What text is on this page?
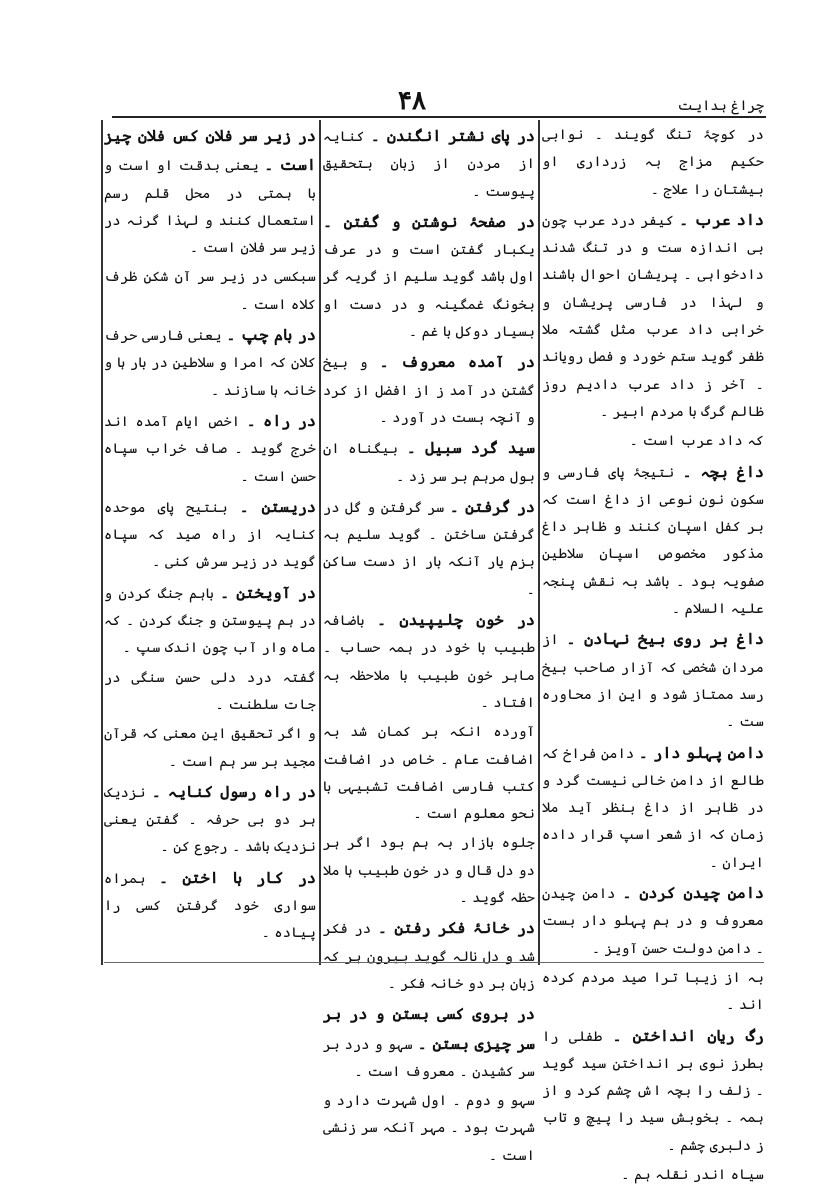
۴۸	چراغ ہدایت

در کوچۂ تنگ گویند ۔ نوابی حکیم مزاج بہ زرداری او بیشتان را علاج ۔

داد عرب ۔ کیفر درد عرب چون بی اندازہ ست و در تنگ شدند دادخواہی ۔ پریشان احوال باشند و لہذا در فارسی پریشان و خرابی داد عرب مثل گشتہ ملا ظفر گوید ستم خورد و فصل رویاند ۔ آخر ز داد عرب دادیم روز ظالم گرگ با مردم ابیر ۔

کہ داد عرب است ۔

داغ بچہ ۔ نتیجۂ پای فارسی و سکون نون نوعی از داغ است کہ بر کفل اسپان کنند و ظاہر داغ مذکور مخصوص اسپان سلاطین صفویہ بود ۔ باشد بہ نقش پنجہ علیہ السلام ۔

داغ بر روی بیخ نہادن ۔ از مردان شخصی کہ آزار صاحب بیخ رسد ممتاز شود و این از محاورہ ست ۔

دامن پہلو دار ۔ دامن فراخ کہ طالع از دامن خالی نیست گرد و در ظاہر از داغ بنظر آید ملا زمان کہ از شعر اسپ قرار داده ایران ۔

دامن چیدن کردن ۔ دامن چیدن معروف و در ہم پہلو دار بست ۔ دامن دولت حسن آویز ۔

بہ از زیبا ترا صید مردم کردہ اند ۔

رگ ریان انداختن ۔ طفلی را بطرز نوی بر انداختن سید گوید ۔ زلف را بچہ اش چشم کرد و از ہمہ ۔ بخوبش سید را پیچ و تاب ز دلبری چشم ۔

سیاہ اندر نقلہ ہم ۔

در پای نشتر انگندن ۔ کنایہ از مردن از زبان بتحقیق پیوست ۔

در صفحۂ نوشتن و گفتن ۔ یکبار گفتن است و در عرف اول باشد گوید سلیم از گریہ گر بخونگ غمگینہ و در دست او بسیار دوکل با غم ۔

در آمدہ معروف ۔ و بیخ گشتن در آمد ز از افضل از کرد و آنچہ بست در آورد ۔

سید گرد سبیل ۔ بیگناہ ان بول مرہم بر سر زد ۔

در گرفتن ۔ سر گرفتن و گل در گرفتن ساختن ۔ گوید سلیم بہ بزم یار آنکہ بار از دست ساکن ۔

در خون چلیپیدن ۔ باضافہ طبیب با خود در ہمہ حساب ۔ ماہر خون طبیب با ملاحظہ بہ افتاد ۔

آوردہ انکہ بر کمان شد بہ اضافت عام ۔ خاص در اضافت کتب فارسی اضافت تشبیہی با نحو معلوم است ۔

جلوہ بازار بہ ہم بود اگر ہر دو دل قال و در خون طبیب ہا ملا حظہ گوید ۔

در خانۂ فکر رفتن ۔ در فکر شد و دل نالہ گوید بیرون ہر کہ زبان بر دو خانہ فکر ۔

در بروی کسی بستن و در بر سر چیزی بستن ۔ سہو و درد بر سر کشیدن ۔ معروف است ۔

سہو و دوم ۔ اول شہرت دارد و شہرت بود ۔ مہر آنکہ سر زنشی است ۔

در زیر سر فلان کس فلان چیز است ۔ یعنی بدقت او است و با ہمتی در محل قلم رسم استعمال کنند و لہذا گرنہ در زیر سر فلان است ۔

سبکسی در زیر سر آن شکن ظرف کلاہ است ۔

در بام چپ ۔ یعنی فارسی حرف کلان کہ امرا و سلاطین در بار ہا و خانہ ہا سازند ۔

در راہ ۔ اخص ایام آمدہ اند خرج گوید ۔ صاف خراب سپاہ حسن است ۔

دریستن ۔ بنتیح پای موحدہ کنایہ از راہ صید کہ سپاہ گوید در زیر سرش کنی ۔

در آویختن ۔ باہم جنگ کردن و در ہم پیوستن و جنگ کردن ۔ کہ ماہ وار آب چون اندک سپ ۔

گفتہ درد دلی حسن سنگی در جات سلطنت ۔

و اگر تحقیق این معنی کہ قرآن مجید بر سر ہم است ۔

در راہ رسول کنایہ ۔ نزدیک ہر دو بی حرفہ ۔ گفتن یعنی نزدیک باشد ۔ رجوع کن ۔

در کار ہا اختن ۔ ہمراہ سواری خود گرفتن کسی را پیادہ ۔
